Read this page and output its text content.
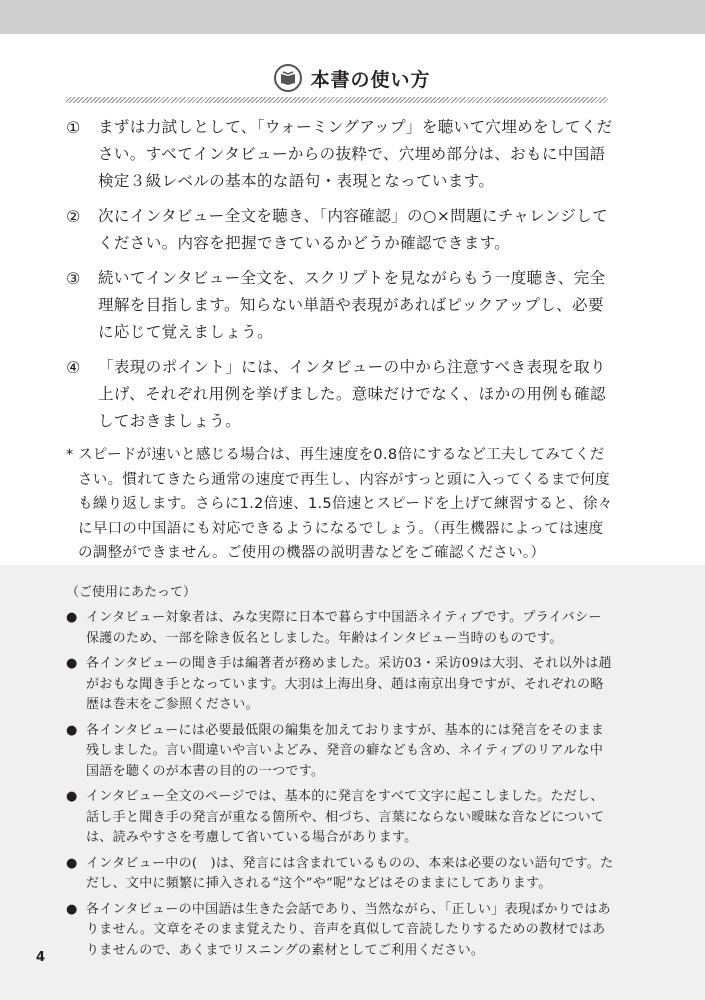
本書の使い方
①	まずは力試しとして、「ウォーミングアップ」を聴いて穴埋めをしてください。すべてインタビューからの抜粋で、穴埋め部分は、おもに中国語検定３級レベルの基本的な語句・表現となっています。
②	次にインタビュー全文を聴き、「内容確認」の○×問題にチャレンジしてください。内容を把握できているかどうか確認できます。
③	続いてインタビュー全文を、スクリプトを見ながらもう一度聴き、完全理解を目指します。知らない単語や表現があればピックアップし、必要に応じて覚えましょう。
④	「表現のポイント」には、インタビューの中から注意すべき表現を取り上げ、それぞれ用例を挙げました。意味だけでなく、ほかの用例も確認しておきましょう。
* スピードが速いと感じる場合は、再生速度を0.8倍にするなど工夫してみてください。慣れてきたら通常の速度で再生し、内容がすっと頭に入ってくるまで何度も繰り返します。さらに1.2倍速、1.5倍速とスピードを上げて練習すると、徐々に早口の中国語にも対応できるようになるでしょう。（再生機器によっては速度の調整ができません。ご使用の機器の説明書などをご確認ください。）
（ご使用にあたって）
● インタビュー対象者は、みな実際に日本で暮らす中国語ネイティブです。プライバシー保護のため、一部を除き仮名としました。年齢はインタビュー当時のものです。
● 各インタビューの聞き手は編著者が務めました。采访03・采访09は大羽、それ以外は趙がおもな聞き手となっています。大羽は上海出身、趙は南京出身ですが、それぞれの略歴は巻末をご参照ください。
● 各インタビューには必要最低限の編集を加えておりますが、基本的には発言をそのまま残しました。言い間違いや言いよどみ、発音の癖なども含め、ネイティブのリアルな中国語を聴くのが本書の目的の一つです。
● インタビュー全文のページでは、基本的に発言をすべて文字に起こしました。ただし、話し手と聞き手の発言が重なる箇所や、相づち、言葉にならない曖昧な音などについては、読みやすさを考慮して省いている場合があります。
● インタビュー中の(　)は、発言には含まれているものの、本来は必要のない語句です。ただし、文中に頻繁に挿入される“这个”や“呢”などはそのままにしてあります。
● 各インタビューの中国語は生きた会話であり、当然ながら、「正しい」表現ばかりではありません。文章をそのまま覚えたり、音声を真似して音読したりするための教材ではありませんので、あくまでリスニングの素材としてご利用ください。
4
